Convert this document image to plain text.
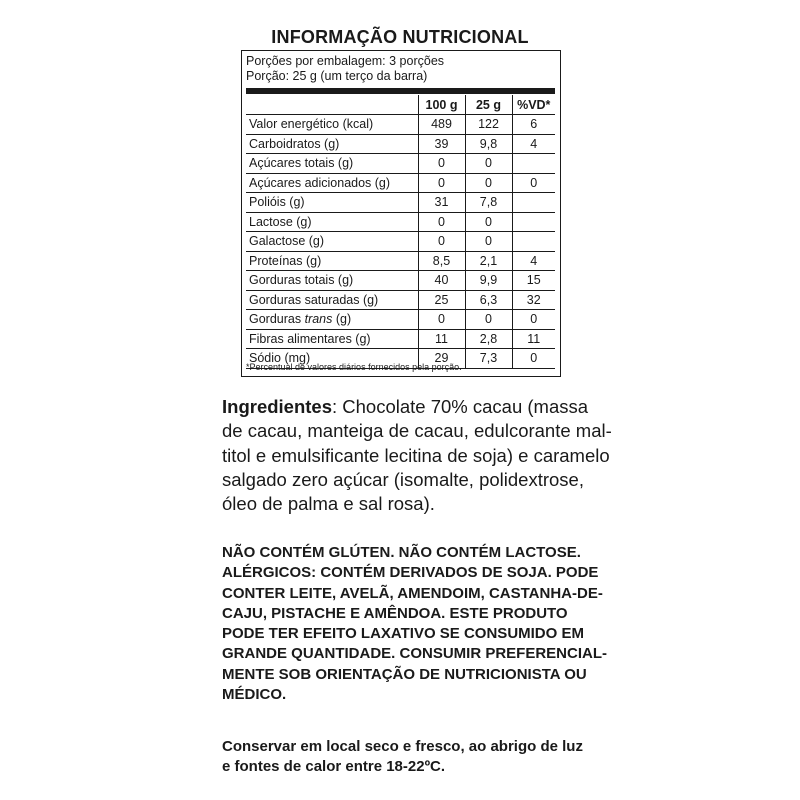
INFORMAÇÃO NUTRICIONAL
Porções por embalagem: 3 porções
Porção: 25 g (um terço da barra)
	100 g	25 g	%VD*
Valor energético (kcal)	489	122	6
Carboidratos (g)	39	9,8	4
Açúcares totais (g)	0	0	
Açúcares adicionados (g)	0	0	0
Polióis (g)	31	7,8	
Lactose (g)	0	0	
Galactose (g)	0	0	
Proteínas (g)	8,5	2,1	4
Gorduras totais (g)	40	9,9	15
Gorduras saturadas (g)	25	6,3	32
Gorduras trans (g)	0	0	0
Fibras alimentares (g)	11	2,8	11
Sódio (mg)	29	7,3	0
*Percentual de valores diários fornecidos pela porção.
Ingredientes: Chocolate 70% cacau (massa
de cacau, manteiga de cacau, edulcorante mal-
titol e emulsificante lecitina de soja) e caramelo
salgado zero açúcar (isomalte, polidextrose,
óleo de palma e sal rosa).
NÃO CONTÉM GLÚTEN. NÃO CONTÉM LACTOSE.
ALÉRGICOS: CONTÉM DERIVADOS DE SOJA. PODE
CONTER LEITE, AVELÃ, AMENDOIM, CASTANHA-DE-
CAJU, PISTACHE E AMÊNDOA. ESTE PRODUTO
PODE TER EFEITO LAXATIVO SE CONSUMIDO EM
GRANDE QUANTIDADE. CONSUMIR PREFERENCIAL-
MENTE SOB ORIENTAÇÃO DE NUTRICIONISTA OU
MÉDICO.
Conservar em local seco e fresco, ao abrigo de luz
e fontes de calor entre 18-22ºC.
